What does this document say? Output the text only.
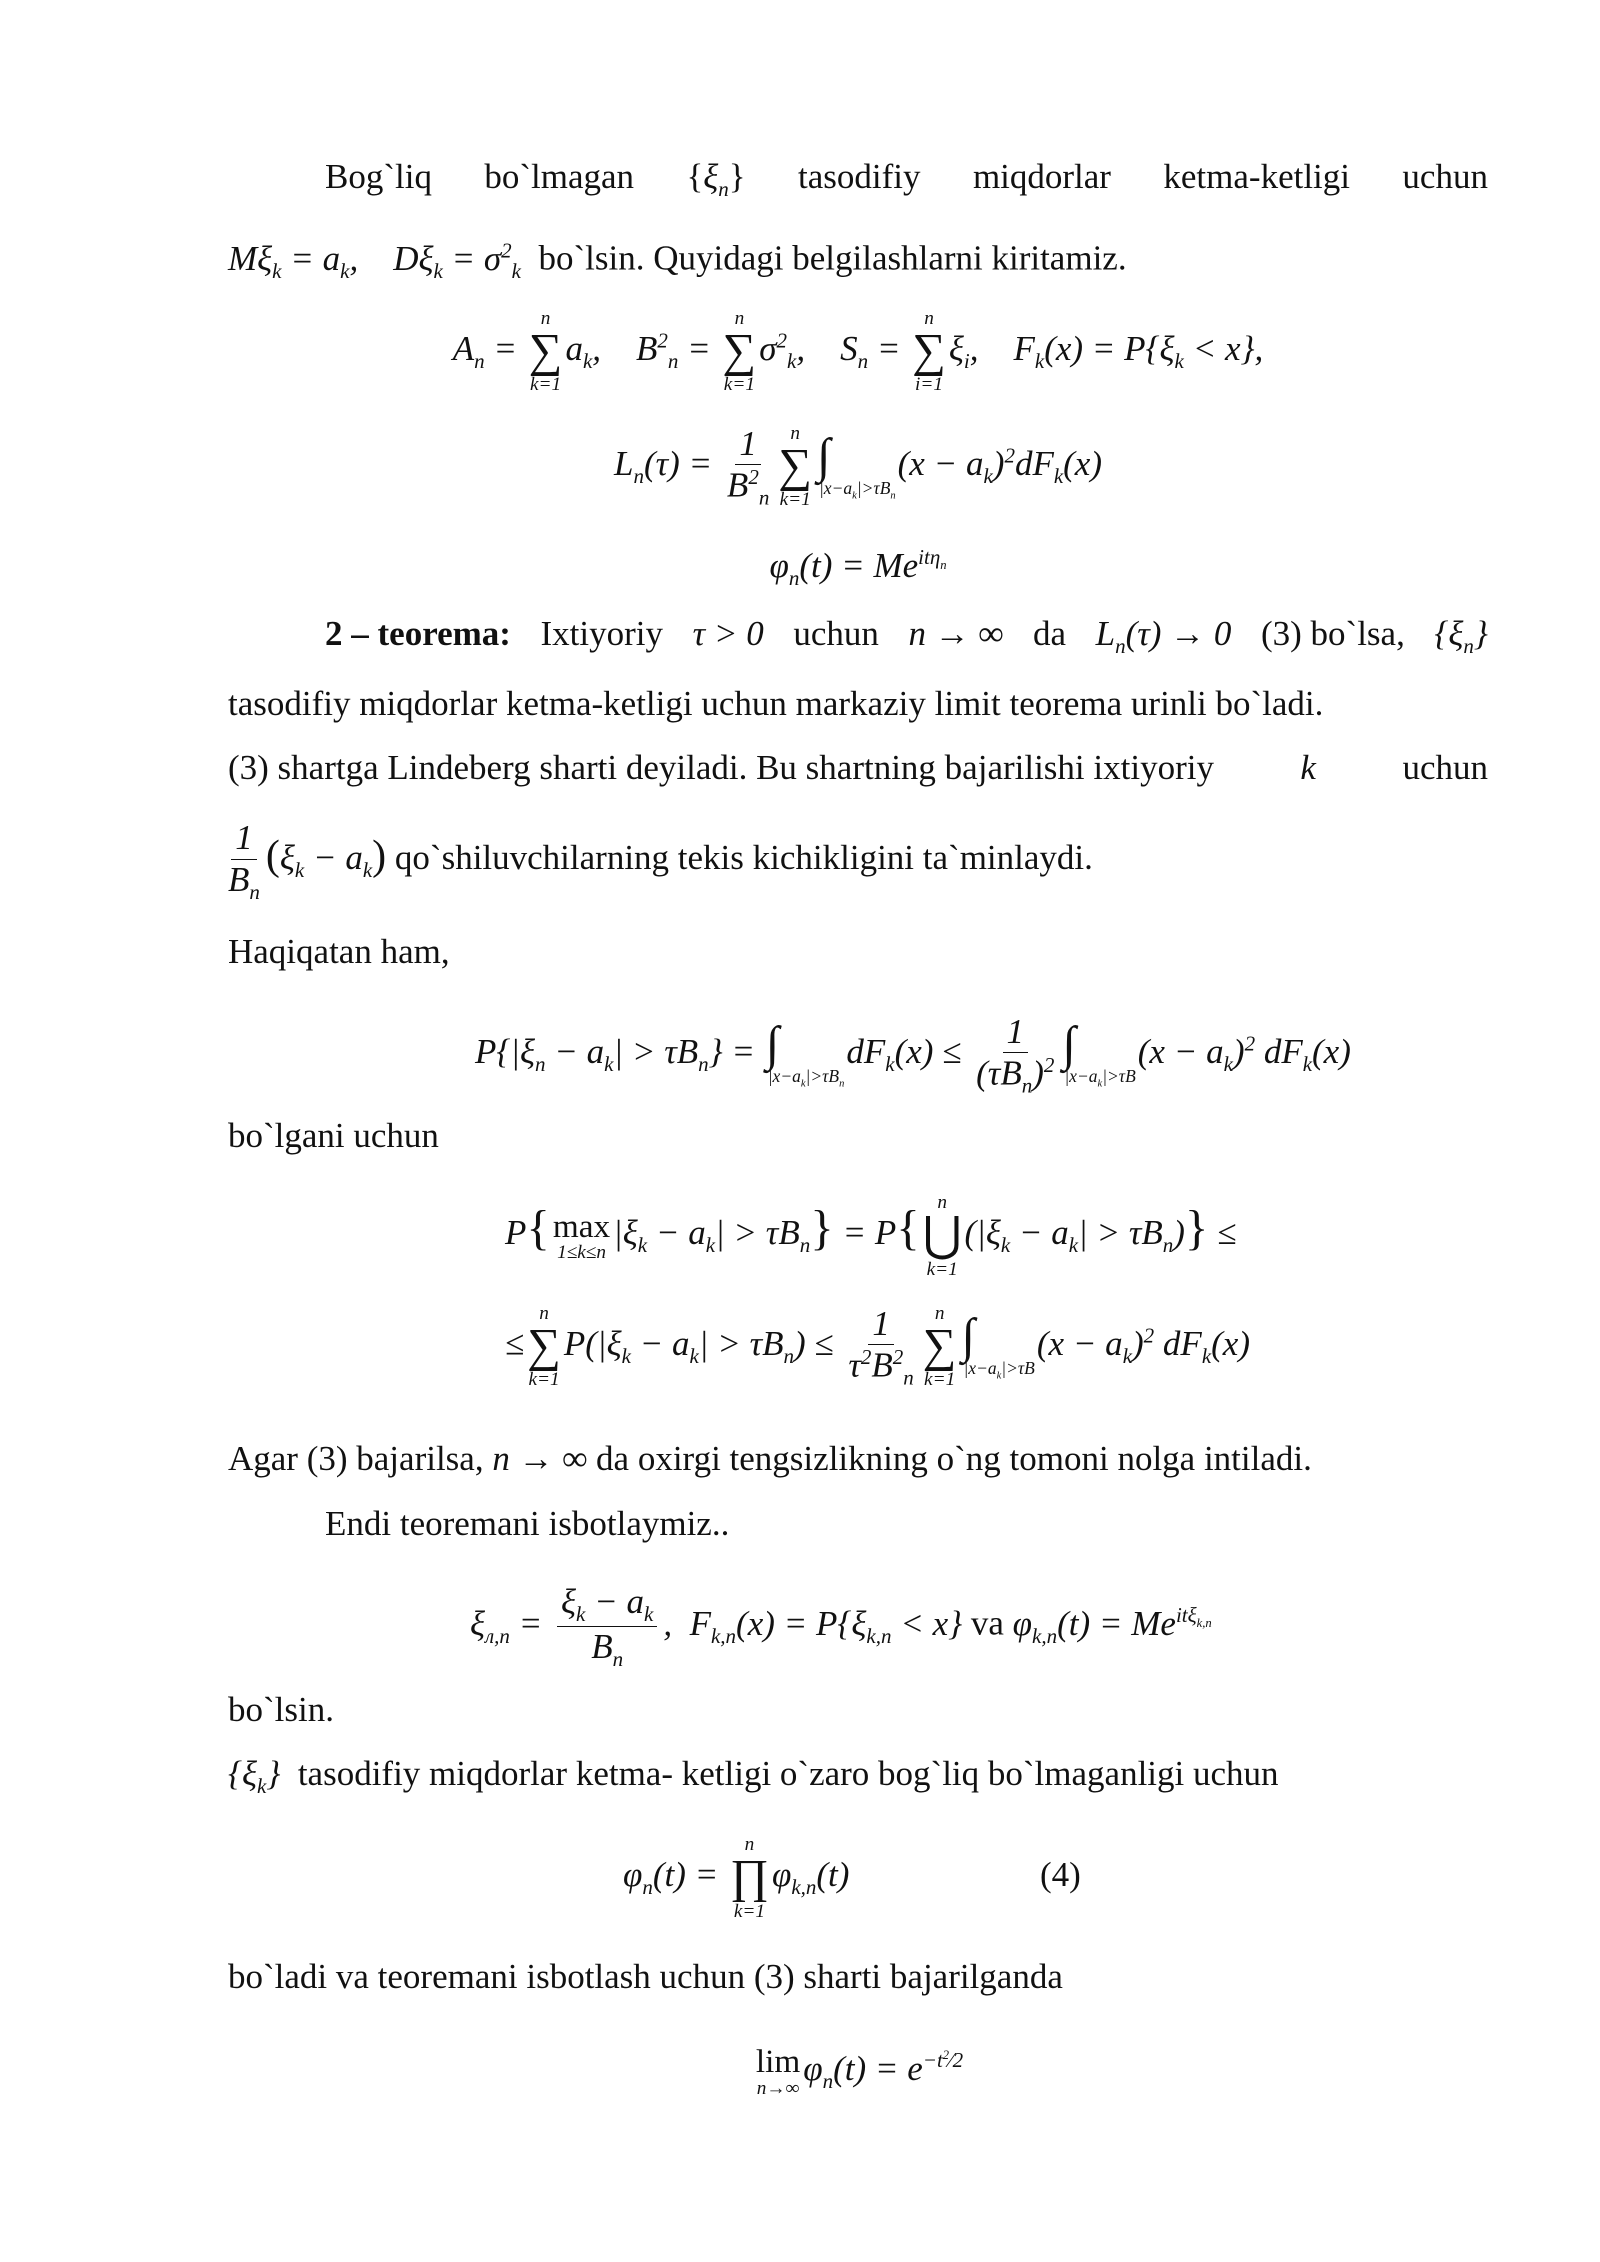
Bog`liq bo`lmagan $\{\xi_n\}$ tasodifiy miqdorlar ketma-ketligi uchun
$M\xi_k = a_k$, $D\xi_k = \sigma^2_k$ bo`lsin. Quyidagi belgilashlarni kiritamiz.
$A_n$ =
n
∑
k=1
$a_k$, $B^2_n$ =
n
∑
k=1
$\sigma^2_k$, $S_n$ =
n
∑
i=1
$\xi_i$, $F_k(x) = P\{\xi_k < x\}$,
$L_n(\tau) = \frac{1}{B^2_n}$ n
∑
k=1
∫
$|x-a_k|>\tau B_n$
$(x - a_k)^2dF_k(x)$
$\varphi_n(t) = Me^{it\eta_n}$
2 – teorema: Ixtiyoriy τ > 0 uchun n → ∞ da $L_n(\tau) \to 0$ (3) bo`lsa, $\{\xi_n\}$
tasodifiy miqdorlar ketma-ketligi uchun markaziy limit teorema urinli bo`ladi.
(3) shartga Lindeberg sharti deyiladi. Bu shartning bajarilishi ixtiyoriy k uchun
$\frac{1}{B_n} (\xi_k - a_k)$ qo`shiluvchilarning tekis kichikligini ta`minlaydi.
Haqiqatan ham,
$P\{|\xi_n - a_k| > \tau B_n\}$ = ∫
$|x-a_k|>\tau B_n$
$dF_k(x) \le \frac{1}{(\tau B_n)^2}$ ∫
$|x-a_k|>\tau B$
$(x - a_k)^2$ $dF_k(x)$
bo`lgani uchun
P{ max
1≤k≤n
$|\xi_k - a_k| > \tau B_n\} = P${ n
⋃
k=1
$(|\xi_k - a_k| > \tau B_n)$} ≤
≤
n
∑
k=1
$P(|\xi_k - a_k| > \tau B_n) \le \frac{1}{\tau^2B^2_n}$ n
∑
k=1
∫
$|x-a_k|>\tau B$
$(x - a_k)^2$ $dF_k(x)$
Agar (3) bajarilsa, n → ∞ da oxirgi tengsizlikning o`ng tomoni nolga intiladi.
Endi teoremani isbotlaymiz..
$\xi_{л,n} = \frac{\xi_k - a_k}{B_n}$ ,  $F_{k,n}(x) = P\{\xi_{k,n} < x\}$ va $\varphi_{k,n}(t) = Me^{it\xi_{k,n}}$
bo`lsin.
$\{\xi_k\}$ tasodifiy miqdorlar ketma- ketligi o`zaro bog`liq bo`lmaganligi uchun
$\varphi_n(t)$ =
n
∏
k=1
$\varphi_{k,n}(t)$	(4)
bo`ladi va teoremani isbotlash uchun (3) sharti bajarilganda
lim
n→∞
$\varphi_n(t) = e^{-t^2⁄2}$
